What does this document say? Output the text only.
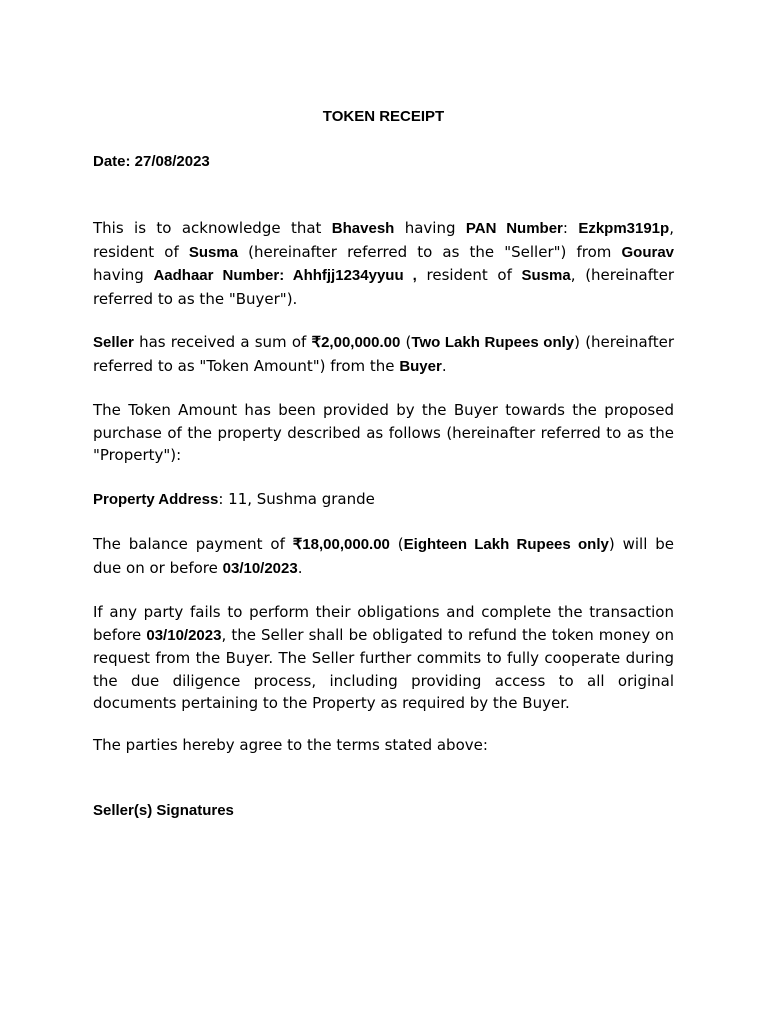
TOKEN RECEIPT
Date: 27/08/2023

This is to acknowledge that Bhavesh having PAN Number: Ezkpm3191p, resident of Susma (hereinafter referred to as the "Seller") from Gourav having Aadhaar Number: Ahhfjj1234yyuu , resident of Susma, (hereinafter referred to as the "Buyer").

Seller has received a sum of ₹2,00,000.00 (Two Lakh Rupees only) (hereinafter referred to as "Token Amount") from the Buyer.

The Token Amount has been provided by the Buyer towards the proposed purchase of the property described as follows (hereinafter referred to as the "Property"):

Property Address: 11, Sushma grande

The balance payment of ₹18,00,000.00 (Eighteen Lakh Rupees only) will be due on or before 03/10/2023.

If any party fails to perform their obligations and complete the transaction before 03/10/2023, the Seller shall be obligated to refund the token money on request from the Buyer. The Seller further commits to fully cooperate during the due diligence process, including providing access to all original documents pertaining to the Property as required by the Buyer.

The parties hereby agree to the terms stated above:

Seller(s) Signatures
